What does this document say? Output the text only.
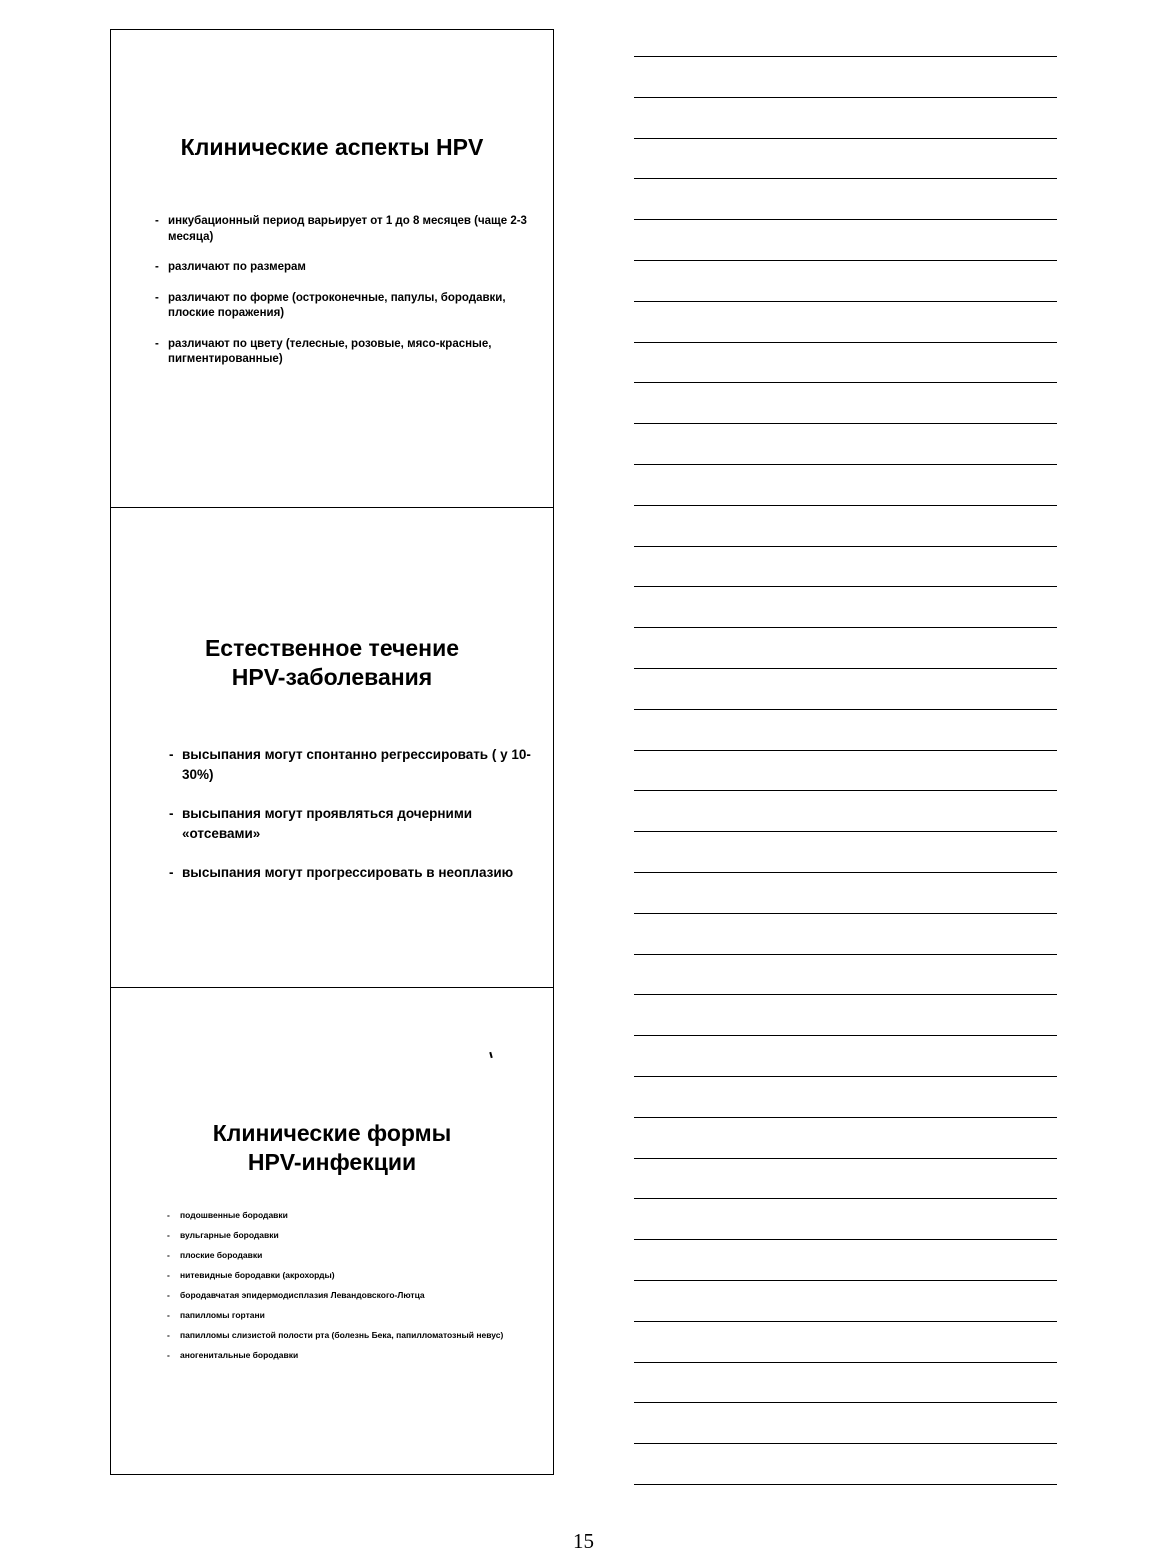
Клинические аспекты HPV
- инкубационный период варьирует от 1 до 8 месяцев (чаще 2-3 месяца)
- различают по размерам
- различают по форме (остроконечные, папулы, бородавки, плоские поражения)
- различают по цвету (телесные, розовые, мясо-красные, пигментированные)
Естественное течение
HPV-заболевания
- высыпания могут спонтанно регрессировать ( у 10-30%)
- высыпания могут проявляться дочерними «отсевами»
- высыпания могут прогрессировать в неоплазию
Клинические формы
HPV-инфекции
- подошвенные бородавки
- вульгарные бородавки
- плоские бородавки
- нитевидные бородавки (акрохорды)
- бородавчатая эпидермодисплазия Левандовского-Лютца
- папилломы гортани
- папилломы слизистой полости рта (болезнь Бека, папилломатозный невус)
- аногенитальные бородавки
15
